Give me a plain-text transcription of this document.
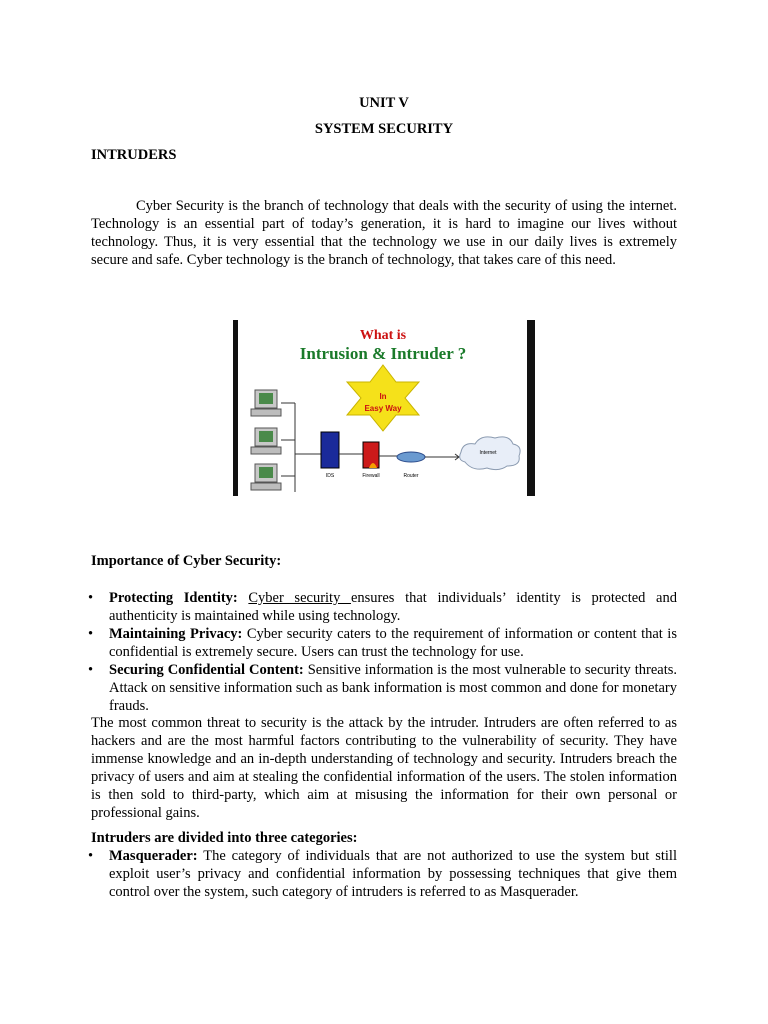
UNIT V
SYSTEM SECURITY
INTRUDERS

Cyber Security is the branch of technology that deals with the security of using the internet. Technology is an essential part of today’s generation, it is hard to imagine our lives without technology. Thus, it is very essential that the technology we use in our daily lives is extremely secure and safe. Cyber technology is the branch of technology, that takes care of this need.

What is
Intrusion & Intruder ?
In
Easy Way
IDS	Firewall	Router
Internet
Importance of Cyber Security:
• Protecting Identity: Cyber security ensures that individuals’ identity is protected and authenticity is maintained while using technology.
• Maintaining Privacy: Cyber security caters to the requirement of information or content that is confidential is extremely secure. Users can trust the technology for use.
• Securing Confidential Content: Sensitive information is the most vulnerable to security threats. Attack on sensitive information such as bank information is most common and done for monetary frauds.

The most common threat to security is the attack by the intruder. Intruders are often referred to as hackers and are the most harmful factors contributing to the vulnerability of security. They have immense knowledge and an in-depth understanding of technology and security. Intruders breach the privacy of users and aim at stealing the confidential information of the users. The stolen information is then sold to third-party, which aim at misusing the information for their own personal or professional gains.

Intruders are divided into three categories:
• Masquerader: The category of individuals that are not authorized to use the system but still exploit user’s privacy and confidential information by possessing techniques that give them control over the system, such category of intruders is referred to as Masquerader.
